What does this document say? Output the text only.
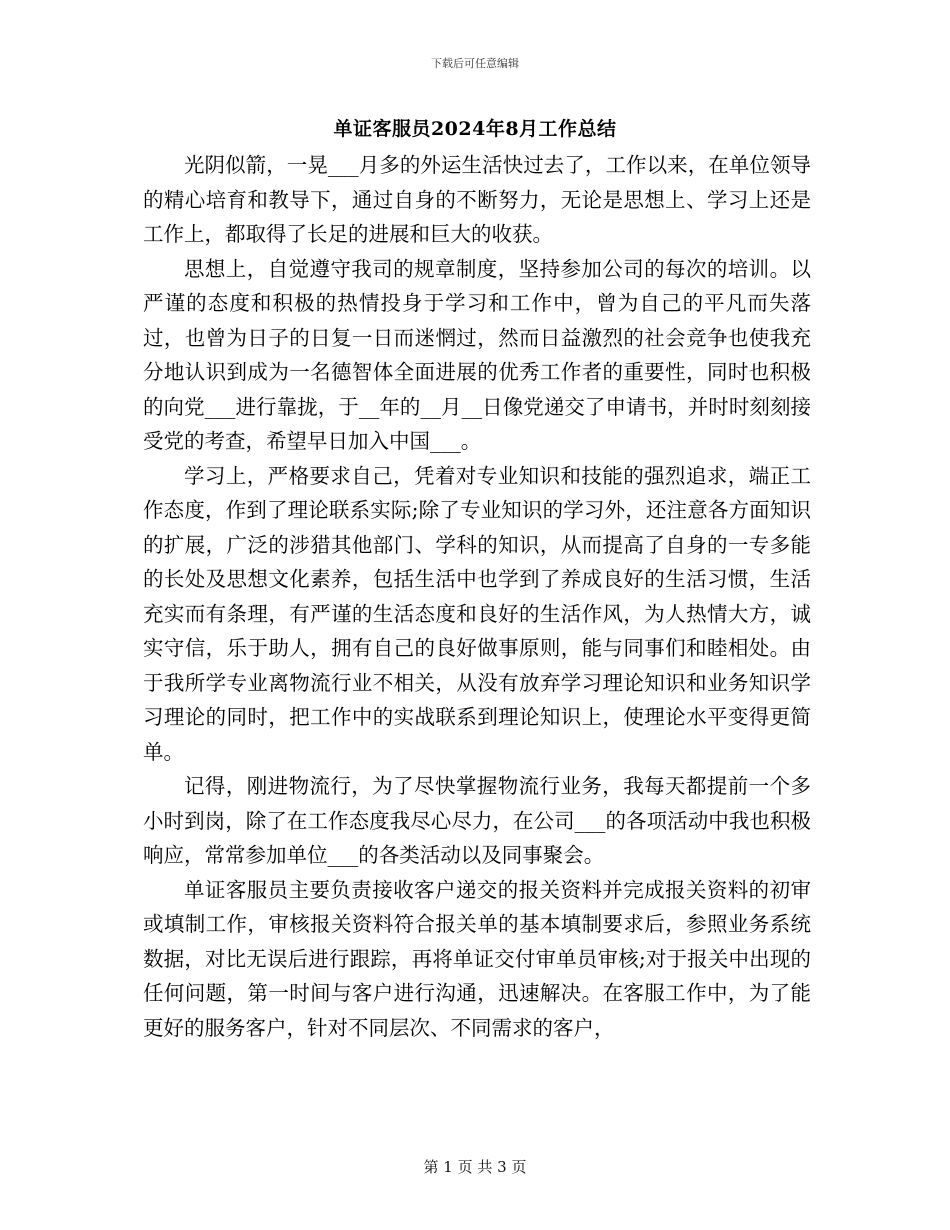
下载后可任意编辑
单证客服员2024年8月工作总结

光阴似箭，一晃___月多的外运生活快过去了，工作以来，在单位领导的精心培育和教导下，通过自身的不断努力，无论是思想上、学习上还是工作上，都取得了长足的进展和巨大的收获。

思想上，自觉遵守我司的规章制度，坚持参加公司的每次的培训。以严谨的态度和积极的热情投身于学习和工作中，曾为自己的平凡而失落过，也曾为日子的日复一日而迷惘过，然而日益激烈的社会竞争也使我充分地认识到成为一名德智体全面进展的优秀工作者的重要性，同时也积极的向党___进行靠拢，于__年的__月__日像党递交了申请书，并时时刻刻接受党的考查，希望早日加入中国___。

学习上，严格要求自己，凭着对专业知识和技能的强烈追求，端正工作态度，作到了理论联系实际;除了专业知识的学习外，还注意各方面知识的扩展，广泛的涉猎其他部门、学科的知识，从而提高了自身的一专多能的长处及思想文化素养，包括生活中也学到了养成良好的生活习惯，生活充实而有条理，有严谨的生活态度和良好的生活作风，为人热情大方，诚实守信，乐于助人，拥有自己的良好做事原则，能与同事们和睦相处。由于我所学专业离物流行业不相关，从没有放弃学习理论知识和业务知识学习理论的同时，把工作中的实战联系到理论知识上，使理论水平变得更简单。

记得，刚进物流行，为了尽快掌握物流行业务，我每天都提前一个多小时到岗，除了在工作态度我尽心尽力，在公司___的各项活动中我也积极响应，常常参加单位___的各类活动以及同事聚会。

单证客服员主要负责接收客户递交的报关资料并完成报关资料的初审或填制工作，审核报关资料符合报关单的基本填制要求后，参照业务系统数据，对比无误后进行跟踪，再将单证交付审单员审核;对于报关中出现的任何问题，第一时间与客户进行沟通，迅速解决。在客服工作中，为了能更好的服务客户，针对不同层次、不同需求的客户，

第 1 页 共 3 页
